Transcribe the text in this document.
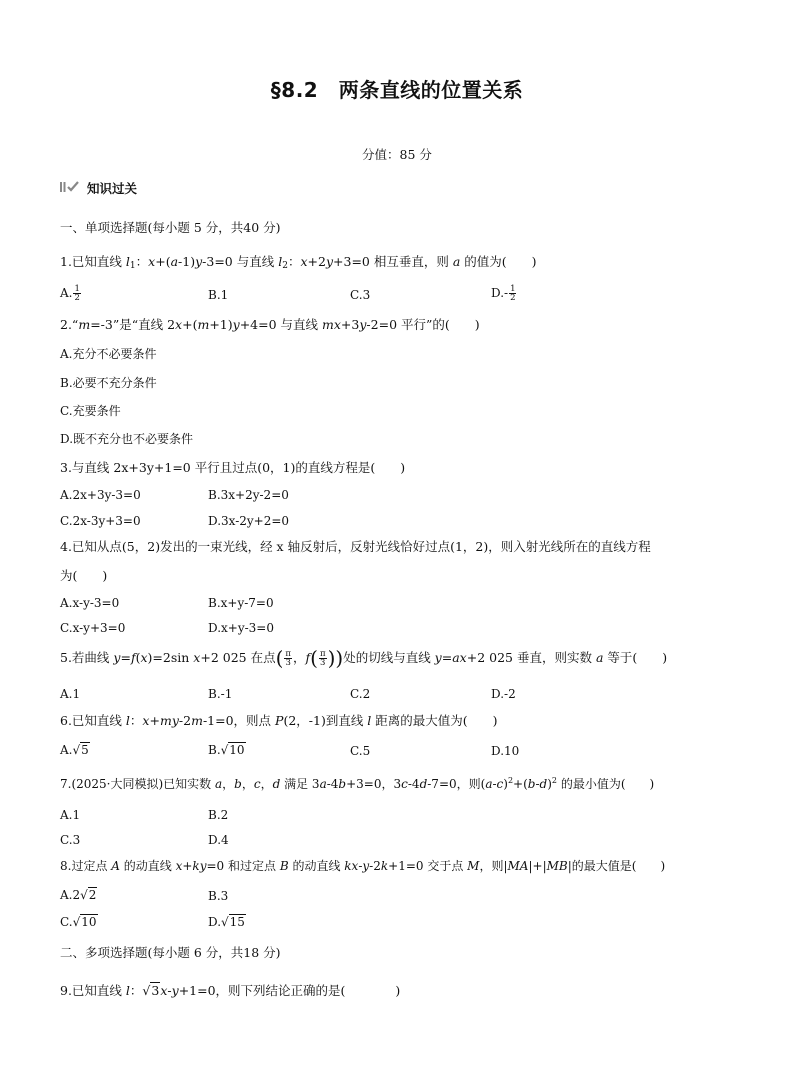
§8.2　两条直线的位置关系
分值：85 分
知识过关
一、单项选择题(每小题 5 分，共40 分)
1.已知直线 $l_1$：x+(a-1)y-3=0 与直线 $l_2$：x+2y+3=0 相互垂直，则 a 的值为(　　)
A. $\frac{1}{2}$	B.1	C.3	$D.- \frac{1}{2}$
2.“m=-3”是“直线 2x+(m+1)y+4=0 与直线 mx+3y-2=0 平行”的(　　)
A.充分不必要条件
B.必要不充分条件
C.充要条件
D.既不充分也不必要条件
3.与直线 2x+3y+1=0 平行且过点(0，1)的直线方程是(　　)
A.2x+3y-3=0	B.3x+2y-2=0
C.2x-3y+3=0	D.3x-2y+2=0
4.已知从点(5，2)发出的一束光线，经 x 轴反射后，反射光线恰好过点(1，2)，则入射光线所在的直线方程
为(　　)
A.x-y-3=0	B.x+y-7=0
C.x-y+3=0	D.x+y-3=0
5.若曲线 y=f(x)=2sin x+2 025 在点( $\frac{\pi}{3}$ ，$f( \frac{\pi}{3}$ ))处的切线与直线 y=ax+2 025 垂直，则实数 a 等于(　　)
A.1	B.-1	C.2	D.-2
6.已知直线 l：x+my-2m-1=0，则点 P(2，-1)到直线 l 距离的最大值为(　　)
A.√5	B.√10	C.5	D.10
7.(2025·大同模拟)已知实数 a，b，c，d 满足 3a-4b+3=0，3c-4d-7=0，则$(a-c)^2+(b-d)^2$ 的最小值为(　　)
A.1	B.2
C.3	D.4
8.过定点 A 的动直线 x+ky=0 和过定点 B 的动直线 kx-y-2k+1=0 交于点 M，则|MA|+|MB|的最大值是(　　)
A.2√2	B.3
C.√10	D.√15
二、多项选择题(每小题 6 分，共18 分)
9.已知直线 l：√3x-y+1=0，则下列结论正确的是(　　　　)
